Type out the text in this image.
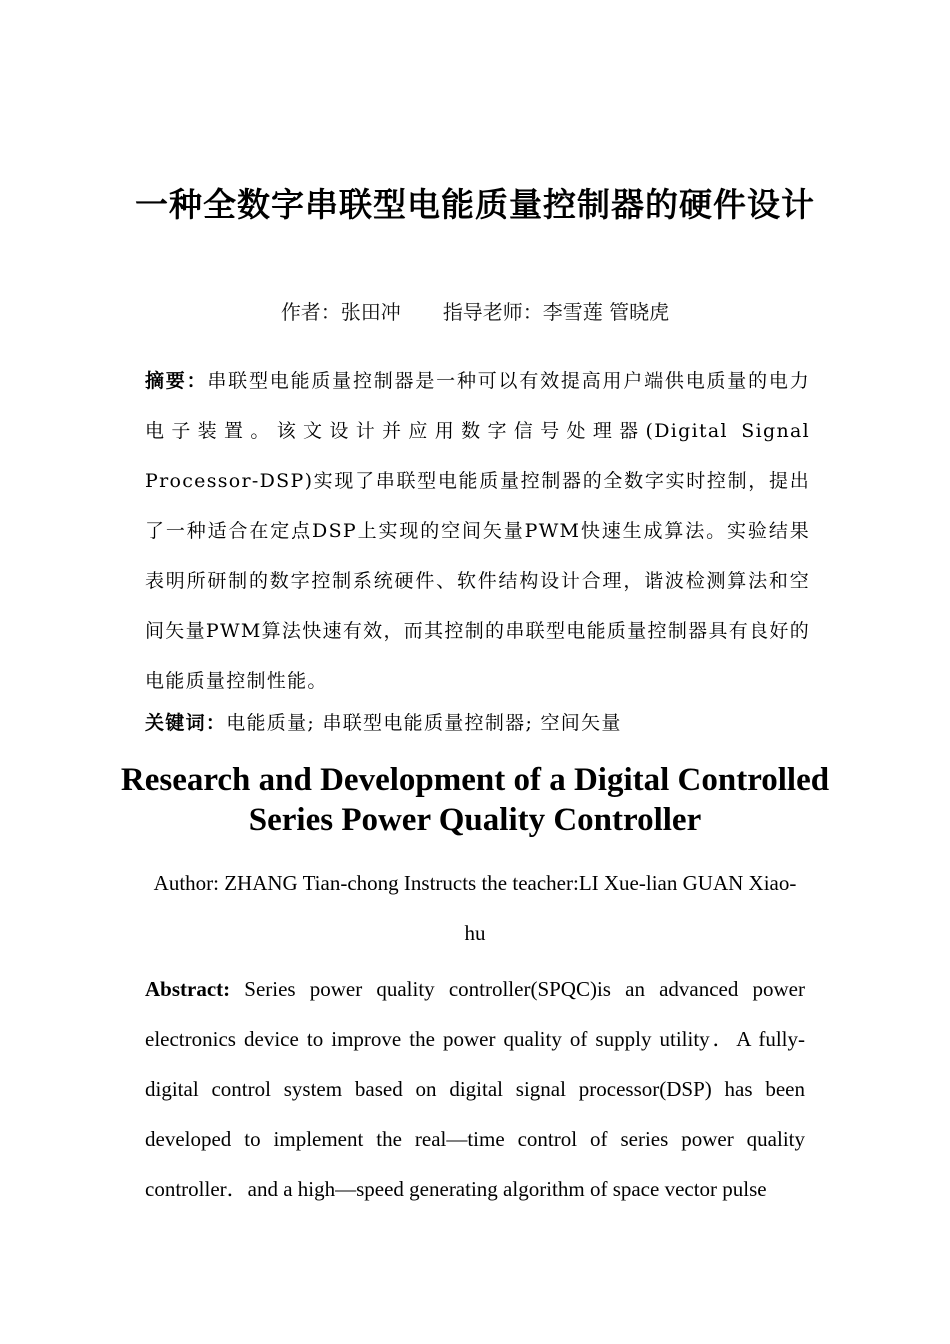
一种全数字串联型电能质量控制器的硬件设计
作者：张田冲 指导老师：李雪莲 管晓虎
摘要：串联型电能质量控制器是一种可以有效提高用户端供电质量的电力电子装置。该文设计并应用数字信号处理器(Digital Signal Processor-DSP)实现了串联型电能质量控制器的全数字实时控制，提出了一种适合在定点DSP上实现的空间矢量PWM快速生成算法。实验结果表明所研制的数字控制系统硬件、软件结构设计合理，谐波检测算法和空间矢量PWM算法快速有效，而其控制的串联型电能质量控制器具有良好的电能质量控制性能。
关键词：电能质量; 串联型电能质量控制器; 空间矢量
Research and Development of a Digital Controlled Series Power Quality Controller
Author: ZHANG Tian-chong Instructs the teacher:LI Xue-lian GUAN Xiao-hu
Abstract: Series power quality controller(SPQC)is an advanced power electronics device to improve the power quality of supply utility．A fully-digital control system based on digital signal processor(DSP) has been developed to implement the real—time control of series power quality controller．and a high—speed generating algorithm of space vector pulse
